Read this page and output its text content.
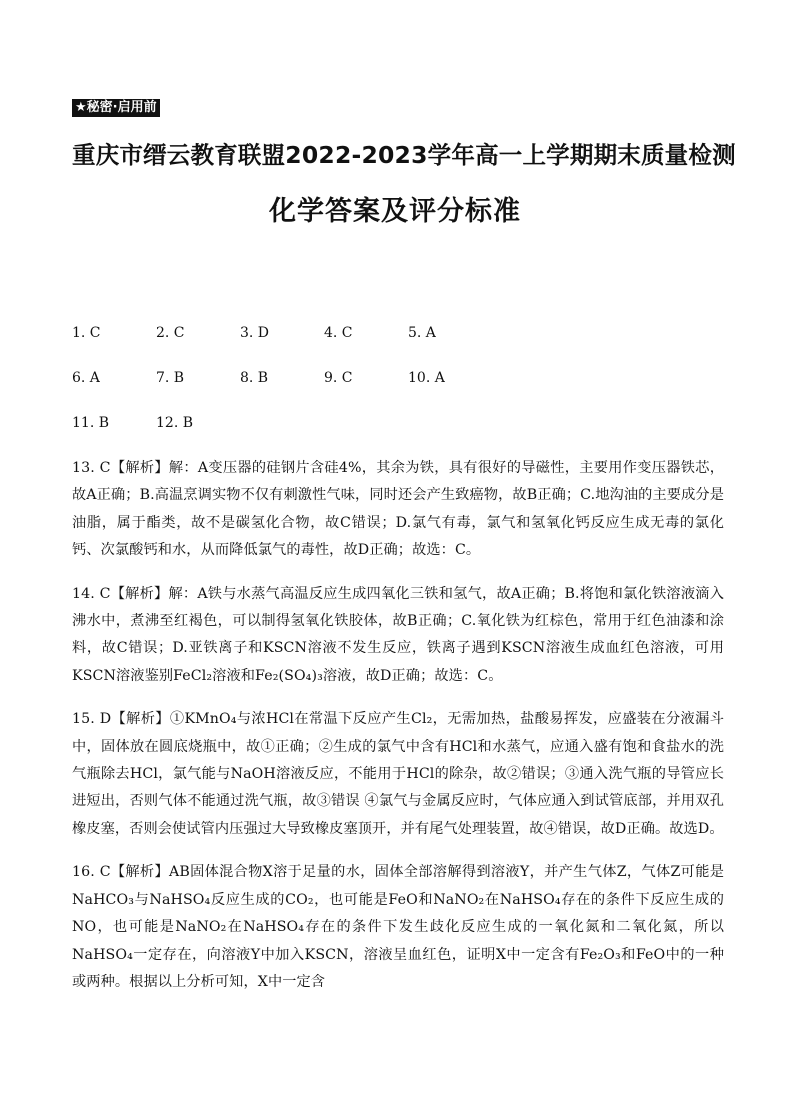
★秘密·启用前
重庆市缙云教育联盟2022-2023学年高一上学期期末质量检测
化学答案及评分标准
1. C	2. C	3. D	4. C	5. A
6. A	7. B	8. B	9. C	10. A
11. B	12. B

13. C【解析】解：A变压器的硅钢片含硅4%，其余为铁，具有很好的导磁性，主要用作变压器铁芯，故A正确；B.高温烹调实物不仅有刺激性气味，同时还会产生致癌物，故B正确；C.地沟油的主要成分是油脂，属于酯类，故不是碳氢化合物，故C错误；D.氯气有毒，氯气和氢氧化钙反应生成无毒的氯化钙、次氯酸钙和水，从而降低氯气的毒性，故D正确；故选：C。

14. C【解析】解：A铁与水蒸气高温反应生成四氧化三铁和氢气，故A正确；B.将饱和氯化铁溶液滴入沸水中，煮沸至红褐色，可以制得氢氧化铁胶体，故B正确；C.氧化铁为红棕色，常用于红色油漆和涂料，故C错误；D.亚铁离子和KSCN溶液不发生反应，铁离子遇到KSCN溶液生成血红色溶液，可用KSCN溶液鉴别FeCl₂溶液和Fe₂(SO₄)₃溶液，故D正确；故选：C。

15. D【解析】①KMnO₄与浓HCl在常温下反应产生Cl₂，无需加热，盐酸易挥发，应盛装在分液漏斗中，固体放在圆底烧瓶中，故①正确；②生成的氯气中含有HCl和水蒸气，应通入盛有饱和食盐水的洗气瓶除去HCl，氯气能与NaOH溶液反应，不能用于HCl的除杂，故②错误；③通入洗气瓶的导管应长进短出，否则气体不能通过洗气瓶，故③错误 ④氯气与金属反应时，气体应通入到试管底部，并用双孔橡皮塞，否则会使试管内压强过大导致橡皮塞顶开，并有尾气处理装置，故④错误，故D正确。故选D。

16. C【解析】AB固体混合物X溶于足量的水，固体全部溶解得到溶液Y，并产生气体Z，气体Z可能是NaHCO₃与NaHSO₄反应生成的CO₂，也可能是FeO和NaNO₂在NaHSO₄存在的条件下反应生成的NO，也可能是NaNO₂在NaHSO₄存在的条件下发生歧化反应生成的一氧化氮和二氧化氮，所以NaHSO₄一定存在，向溶液Y中加入KSCN，溶液呈血红色，证明X中一定含有Fe₂O₃和FeO中的一种或两种。根据以上分析可知，X中一定含
